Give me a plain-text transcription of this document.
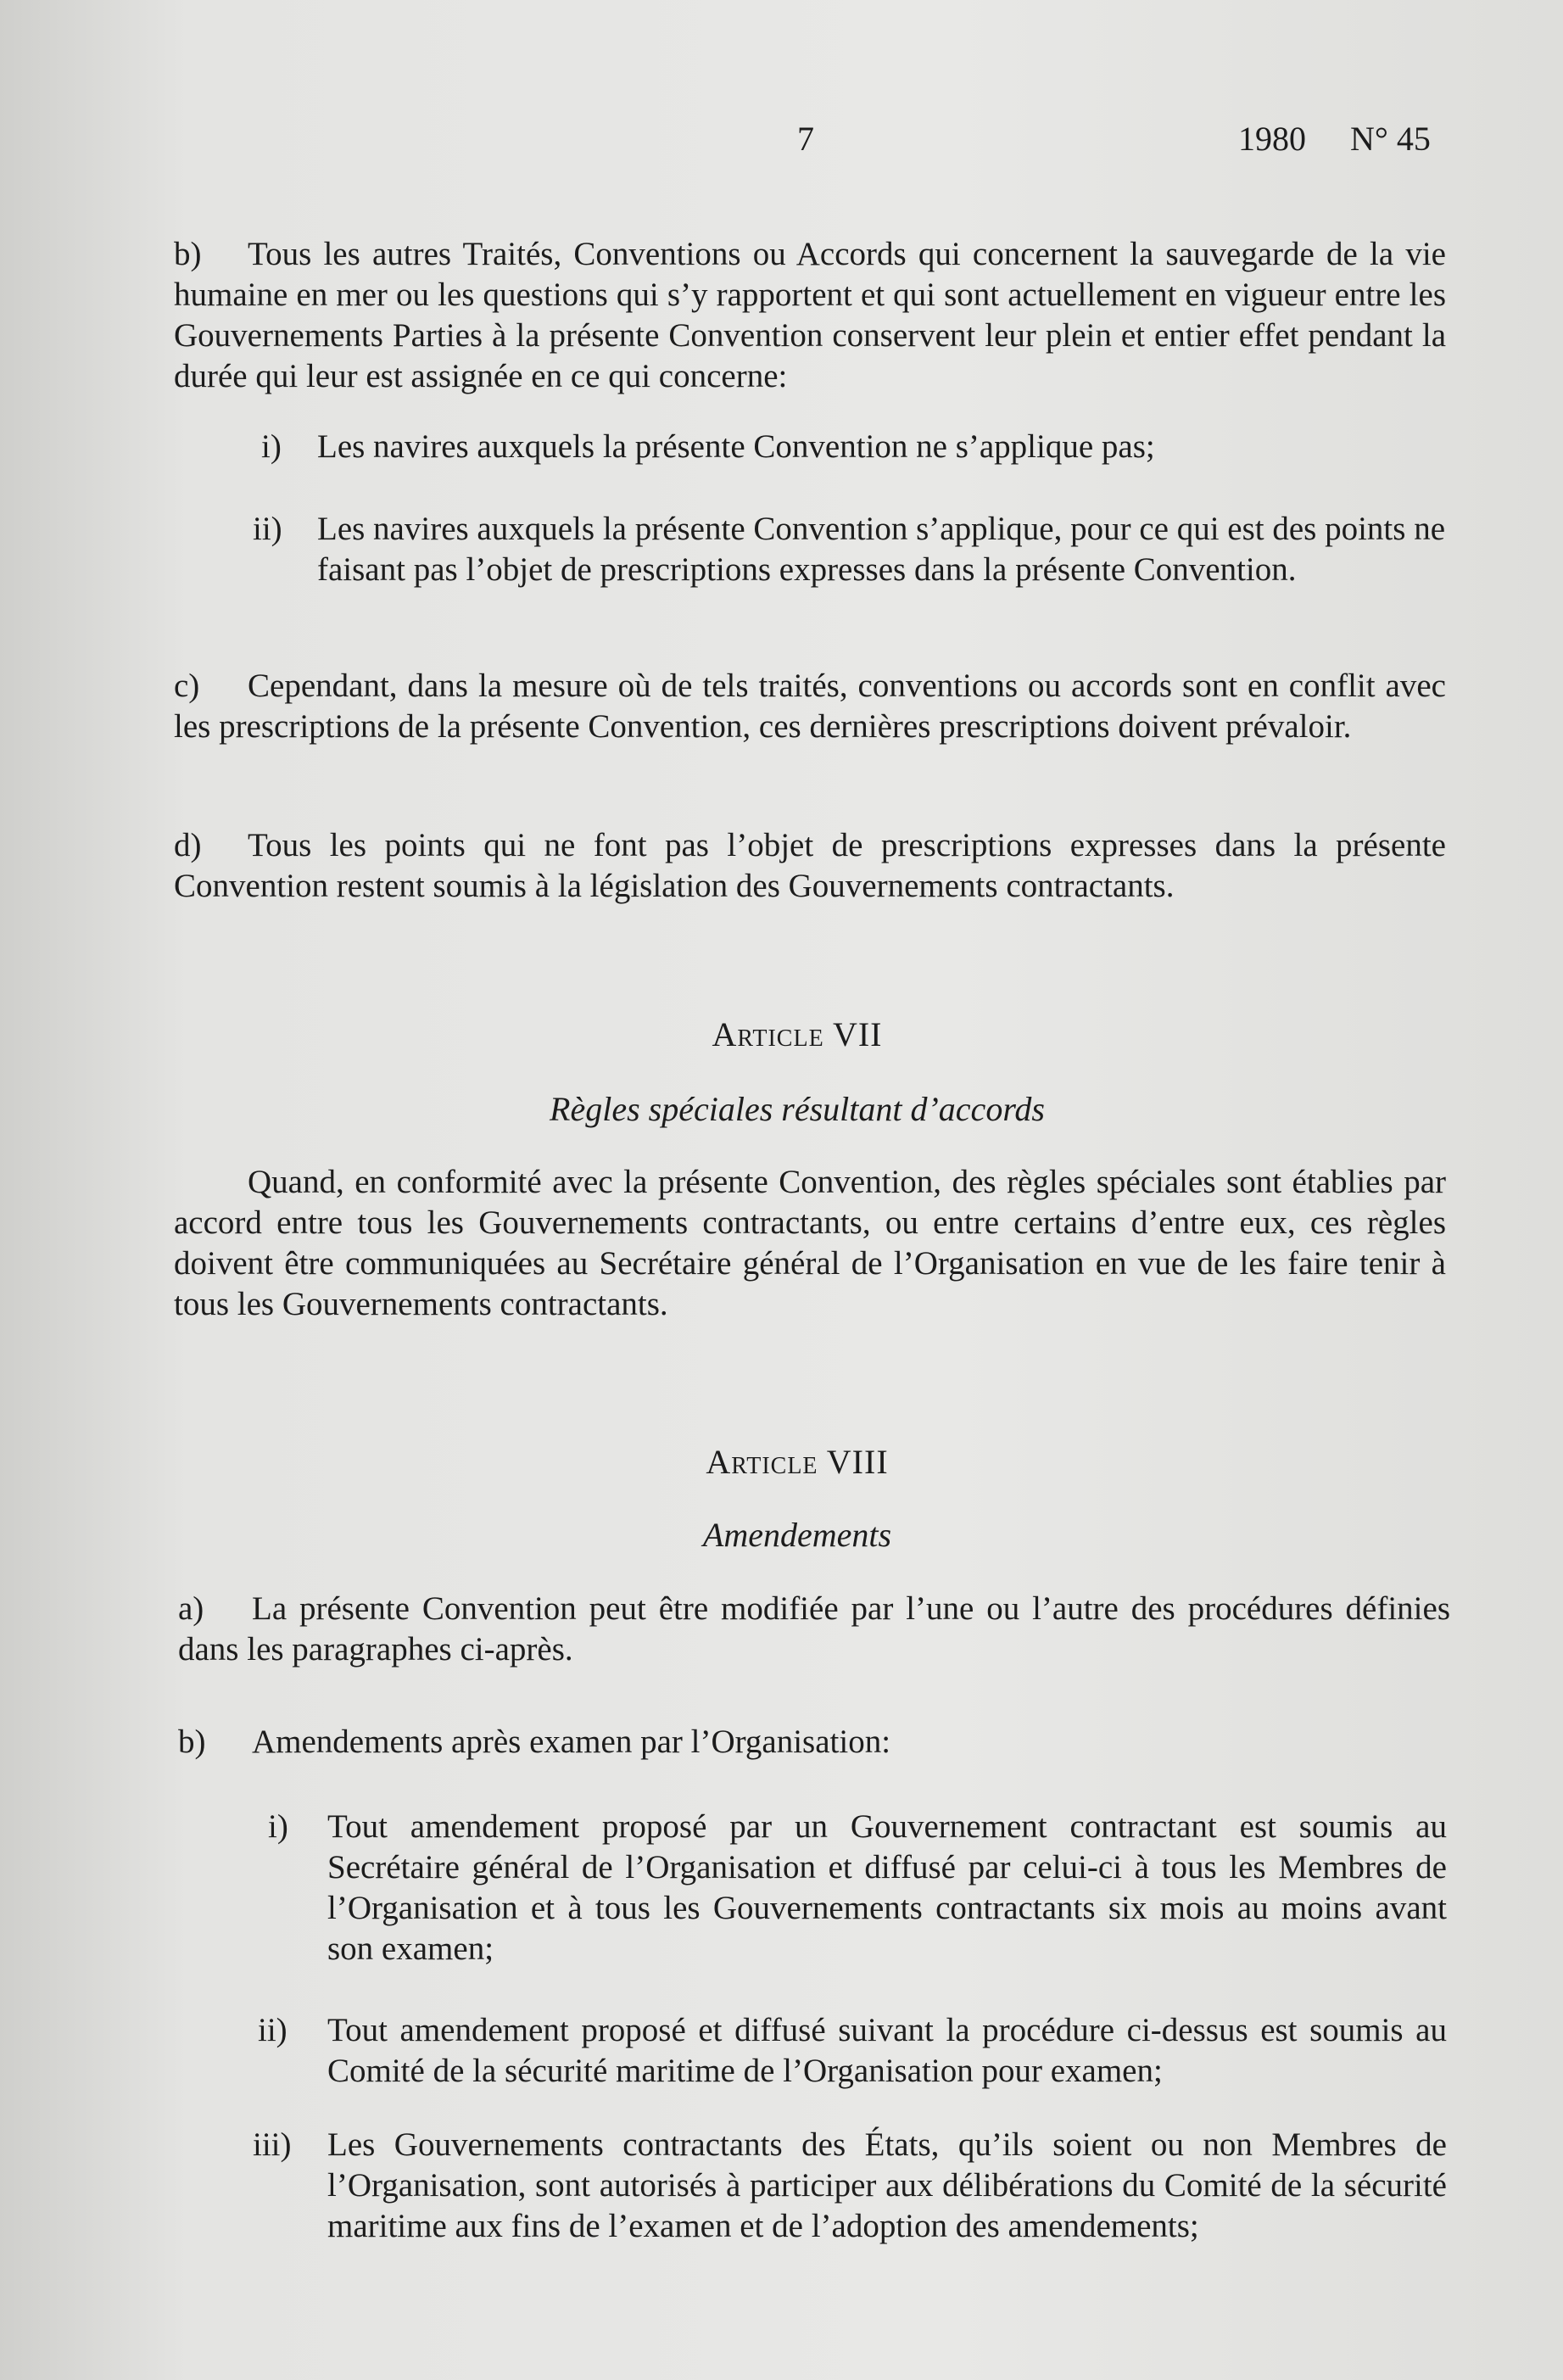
7	1980 N° 45
b)	Tous les autres Traités, Conventions ou Accords qui concernent la sauvegarde de la vie humaine en mer ou les questions qui s’y rapportent et qui sont actuellement en vigueur entre les Gouvernements Parties à la présente Convention conservent leur plein et entier effet pendant la durée qui leur est assignée en ce qui concerne:

i) Les navires auxquels la présente Convention ne s’applique pas;

ii) Les navires auxquels la présente Convention s’applique, pour ce qui est des points ne faisant pas l’objet de prescriptions expresses dans la présente Convention.

c)	Cependant, dans la mesure où de tels traités, conventions ou accords sont en conflit avec les prescriptions de la présente Convention, ces dernières prescriptions doivent prévaloir.

d)	Tous les points qui ne font pas l’objet de prescriptions expresses dans la présente Convention restent soumis à la législation des Gouvernements contractants.

Article VII
Règles spéciales résultant d’accords

Quand, en conformité avec la présente Convention, des règles spéciales sont établies par accord entre tous les Gouvernements contractants, ou entre certains d’entre eux, ces règles doivent être communiquées au Secrétaire général de l’Organisation en vue de les faire tenir à tous les Gouvernements contractants.

Article VIII
Amendements
a)	La présente Convention peut être modifiée par l’une ou l’autre des procédures définies dans les paragraphes ci-après.

b) Amendements après examen par l’Organisation:

i) Tout amendement proposé par un Gouvernement contractant est soumis au Secrétaire général de l’Organisation et diffusé par celui-ci à tous les Membres de l’Organisation et à tous les Gouvernements contractants six mois au moins avant son examen;

ii) Tout amendement proposé et diffusé suivant la procédure ci-dessus est soumis au Comité de la sécurité maritime de l’Organisation pour examen;

iii) Les Gouvernements contractants des États, qu’ils soient ou non Membres de l’Organisation, sont autorisés à participer aux délibérations du Comité de la sécurité maritime aux fins de l’examen et de l’adoption des amendements;
